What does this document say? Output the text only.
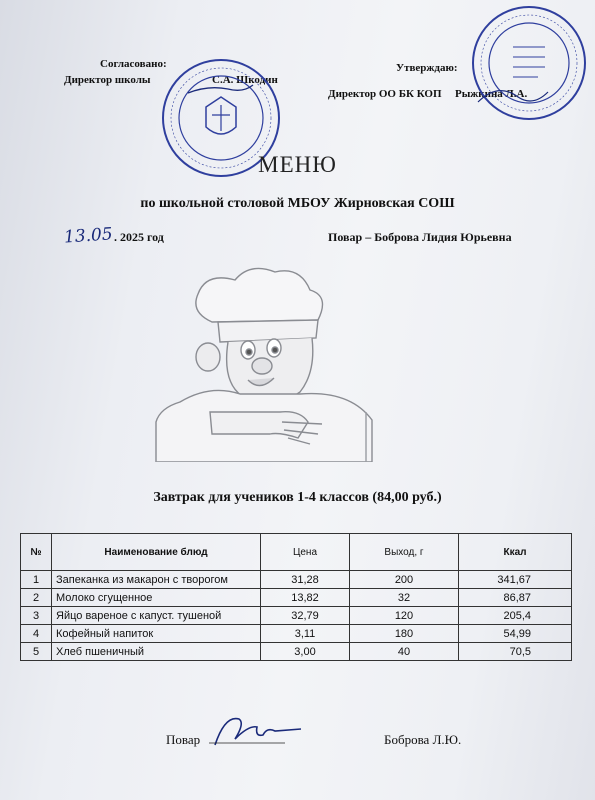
Согласовано:
Директор школы	С.А. Шкодин
Утверждаю:
Директор ОО БК КОП Рыжкина Л.А.
МЕНЮ
по школьной столовой МБОУ Жирновская СОШ
13.05 . 2025 год	Повар – Боброва Лидия Юрьевна
Завтрак для учеников 1-4 классов (84,00 руб.)
№	Наименование блюд	Цена	Выход, г	Ккал
1	Запеканка из макарон с творогом	31,28	200	341,67
2	Молоко сгущенное	13,82	32	86,87
3	Яйцо вареное с капуст. тушеной	32,79	120	205,4
4	Кофейный напиток	3,11	180	54,99
5	Хлеб пшеничный	3,00	40	70,5
Повар	Боброва Л.Ю.
